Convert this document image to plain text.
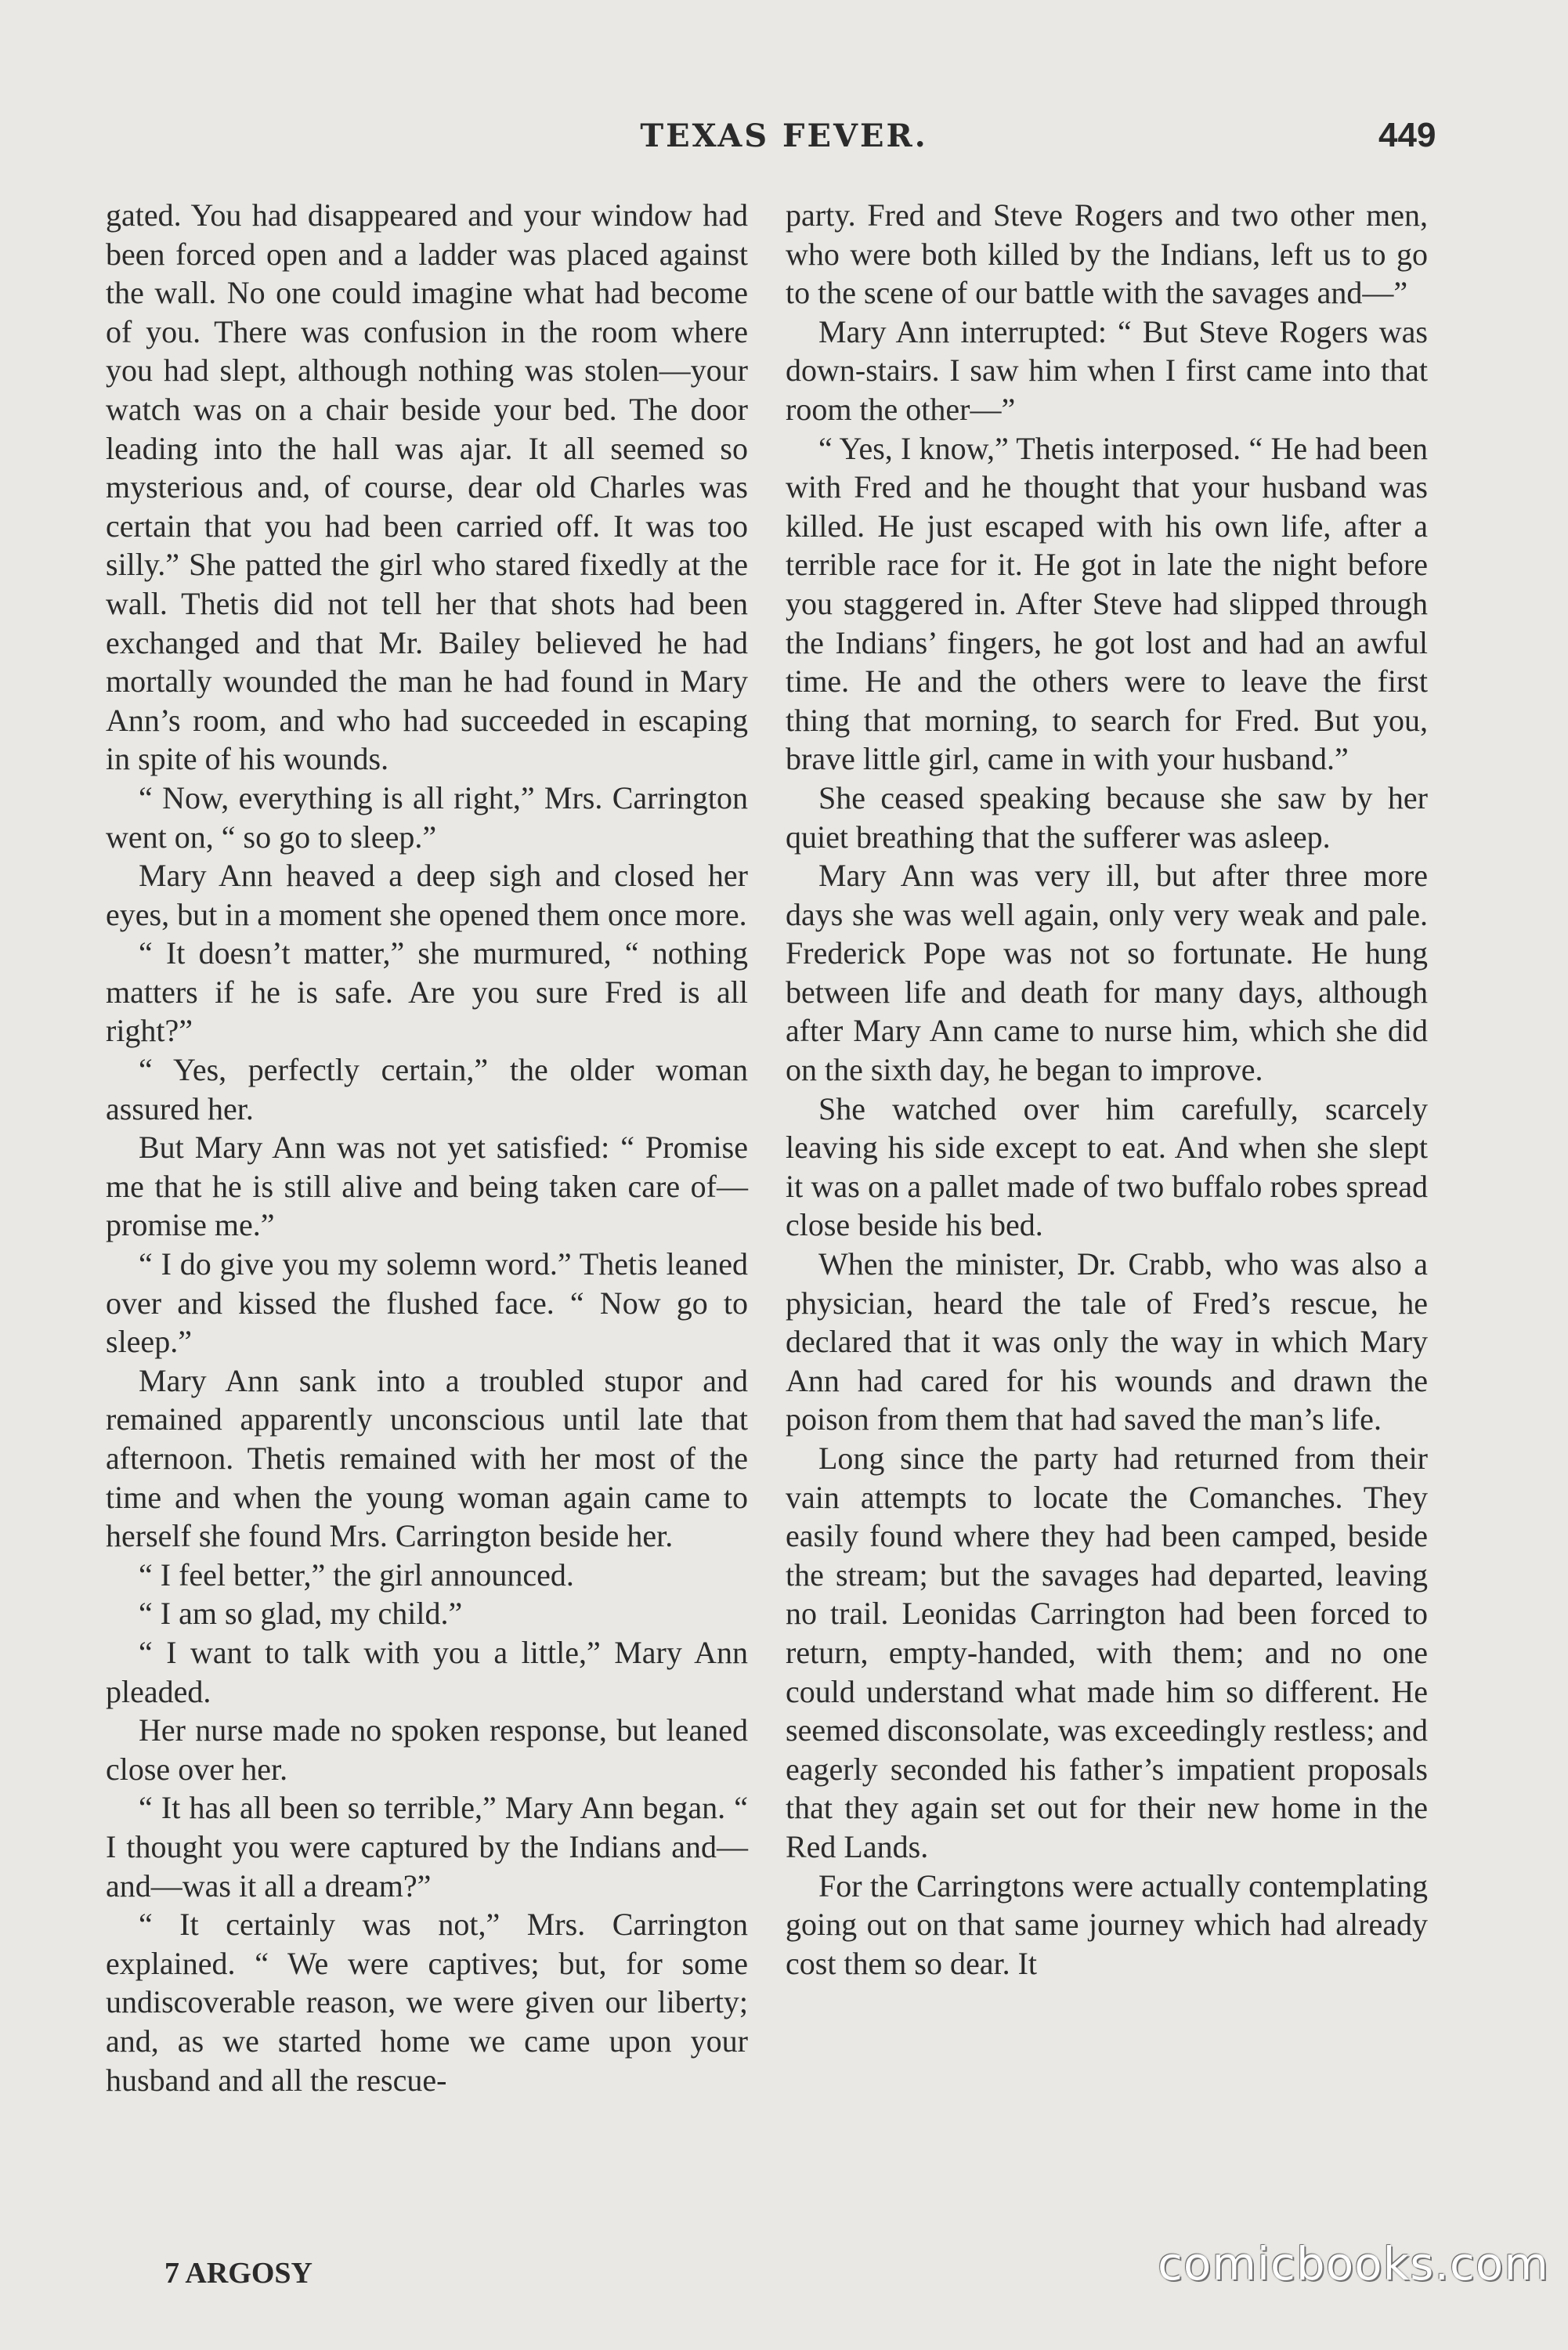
TEXAS FEVER.	449

gated. You had disappeared and your window had been forced open and a ladder was placed against the wall. No one could imagine what had become of you. There was confusion in the room where you had slept, although nothing was stolen—your watch was on a chair beside your bed. The door leading into the hall was ajar. It all seemed so mysterious and, of course, dear old Charles was certain that you had been carried off. It was too silly.” She patted the girl who stared fixedly at the wall. Thetis did not tell her that shots had been exchanged and that Mr. Bailey believed he had mortally wounded the man he had found in Mary Ann’s room, and who had succeeded in escaping in spite of his wounds.

“ Now, everything is all right,” Mrs. Carrington went on, “ so go to sleep.”

Mary Ann heaved a deep sigh and closed her eyes, but in a moment she opened them once more.

“ It doesn’t matter,” she murmured, “ nothing matters if he is safe. Are you sure Fred is all right?”

“ Yes, perfectly certain,” the older woman assured her.

But Mary Ann was not yet satisfied: “ Promise me that he is still alive and being taken care of—promise me.”

“ I do give you my solemn word.” Thetis leaned over and kissed the flushed face. “ Now go to sleep.”

Mary Ann sank into a troubled stupor and remained apparently unconscious until late that afternoon. Thetis remained with her most of the time and when the young woman again came to herself she found Mrs. Carrington beside her.

“ I feel better,” the girl announced.

“ I am so glad, my child.”

“ I want to talk with you a little,” Mary Ann pleaded.

Her nurse made no spoken response, but leaned close over her.

“ It has all been so terrible,” Mary Ann began. “ I thought you were captured by the Indians and—and—was it all a dream?”

“ It certainly was not,” Mrs. Carrington explained. “ We were captives; but, for some undiscoverable reason, we were given our liberty; and, as we started home we came upon your husband and all the rescue-

party. Fred and Steve Rogers and two other men, who were both killed by the Indians, left us to go to the scene of our battle with the savages and—”

Mary Ann interrupted: “ But Steve Rogers was down-stairs. I saw him when I first came into that room the other—”

“ Yes, I know,” Thetis interposed. “ He had been with Fred and he thought that your husband was killed. He just escaped with his own life, after a terrible race for it. He got in late the night before you staggered in. After Steve had slipped through the Indians’ fingers, he got lost and had an awful time. He and the others were to leave the first thing that morning, to search for Fred. But you, brave little girl, came in with your husband.”

She ceased speaking because she saw by her quiet breathing that the sufferer was asleep.

Mary Ann was very ill, but after three more days she was well again, only very weak and pale. Frederick Pope was not so fortunate. He hung between life and death for many days, although after Mary Ann came to nurse him, which she did on the sixth day, he began to improve.

She watched over him carefully, scarcely leaving his side except to eat. And when she slept it was on a pallet made of two buffalo robes spread close beside his bed.

When the minister, Dr. Crabb, who was also a physician, heard the tale of Fred’s rescue, he declared that it was only the way in which Mary Ann had cared for his wounds and drawn the poison from them that had saved the man’s life.

Long since the party had returned from their vain attempts to locate the Comanches. They easily found where they had been camped, beside the stream; but the savages had departed, leaving no trail. Leonidas Carrington had been forced to return, empty-handed, with them; and no one could understand what made him so different. He seemed disconsolate, was exceedingly restless; and eagerly seconded his father’s impatient proposals that they again set out for their new home in the Red Lands.

For the Carringtons were actually contemplating going out on that same journey which had already cost them so dear. It

7 ARGOSY	comicbooks.com
